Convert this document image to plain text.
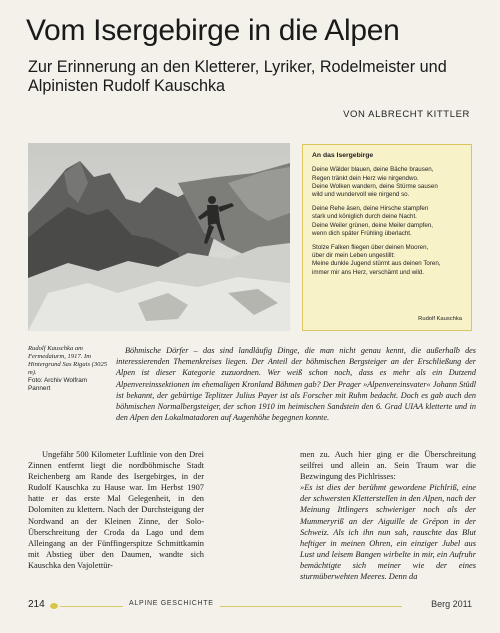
Vom Isergebirge in die Alpen
Zur Erinnerung an den Kletterer, Lyriker, Rodelmeister und Alpinisten Rudolf Kauschka
VON ALBRECHT KITTLER
An das Isergebirge
Deine Wälder blauen, deine Bäche brausen,
Regen tränkt dein Herz wie nirgendwo.
Deine Wolken wandern, deine Stürme sausen
wild und wundervoll wie nirgend so.
Deine Rehe äsen, deine Hirsche stampfen
stark und königlich durch deine Nacht.
Deine Weiler grünen, deine Meiler dampfen,
wenn dich später Frühling überlacht.
Stolze Falken fliegen über deinen Mooren,
über dir mein Leben ungestillt:
Meine dunkle Jugend stürmt aus deinen Toren,
immer mir ans Herz, verschämt und wild.
Rudolf Kauschka
Rudolf Kauschka am Fermedaturm, 1917. Im Hintergrund Sas Rigais (3025 m).
Foto: Archiv Wolfram Pannert

Böhmische Dörfer – das sind landläufig Dinge, die man nicht genau kennt, die außerhalb des interessierenden Themenkreises liegen. Der Anteil der böhmischen Bergsteiger an der Erschließung der Alpen ist dieser Kategorie zuzuordnen. Wer weiß schon noch, dass es mehr als ein Dutzend Alpenvereinssektionen im ehemaligen Kronland Böhmen gab? Der Prager »Alpenvereinsvater« Johann Stüdl ist bekannt, der gebürtige Teplitzer Julius Payer ist als Forscher mit Ruhm bedacht. Doch es gab auch den böhmischen Normalbergsteiger, der schon 1910 im heimischen Sandstein den 6. Grad UIAA kletterte und in den Alpen den Lokalmatadoren auf Augenhöhe begegnen konnte.

Ungefähr 500 Kilometer Luftlinie von den Drei Zinnen entfernt liegt die nordböhmische Stadt Reichenberg am Rande des Isergebirges, in der Rudolf Kauschka zu Hause war. Im Herbst 1907 hatte er das erste Mal Gelegenheit, in den Dolomiten zu klettern. Nach der Durchsteigung der Nordwand an der Kleinen Zinne, der Solo-Überschreitung der Croda da Lago und dem Alleingang an der Fünffingerspitze Schmittkamin mit Abstieg über den Daumen, wandte sich Kauschka den Vajolettür-

men zu. Auch hier ging er die Überschreitung seilfrei und allein an. Sein Traum war die Bezwingung des Pichlrisses:

»Es ist dies der berühmt gewordene Pichlriß, eine der schwersten Kletterstellen in den Alpen, nach der Meinung Ittlingers schwieriger noch als der Mummeryriß an der Aiguille de Grépon in der Schweiz. Als ich ihn nun sah, rauschte das Blut heftiger in meinen Ohren, ein einziger Jubel aus Lust und leisem Bangen wirbelte in mir, ein Aufruhr bemächtigte sich meiner wie der eines sturmüberwehten Meeres. Denn da

214	ALPINE GESCHICHTE	Berg 2011
